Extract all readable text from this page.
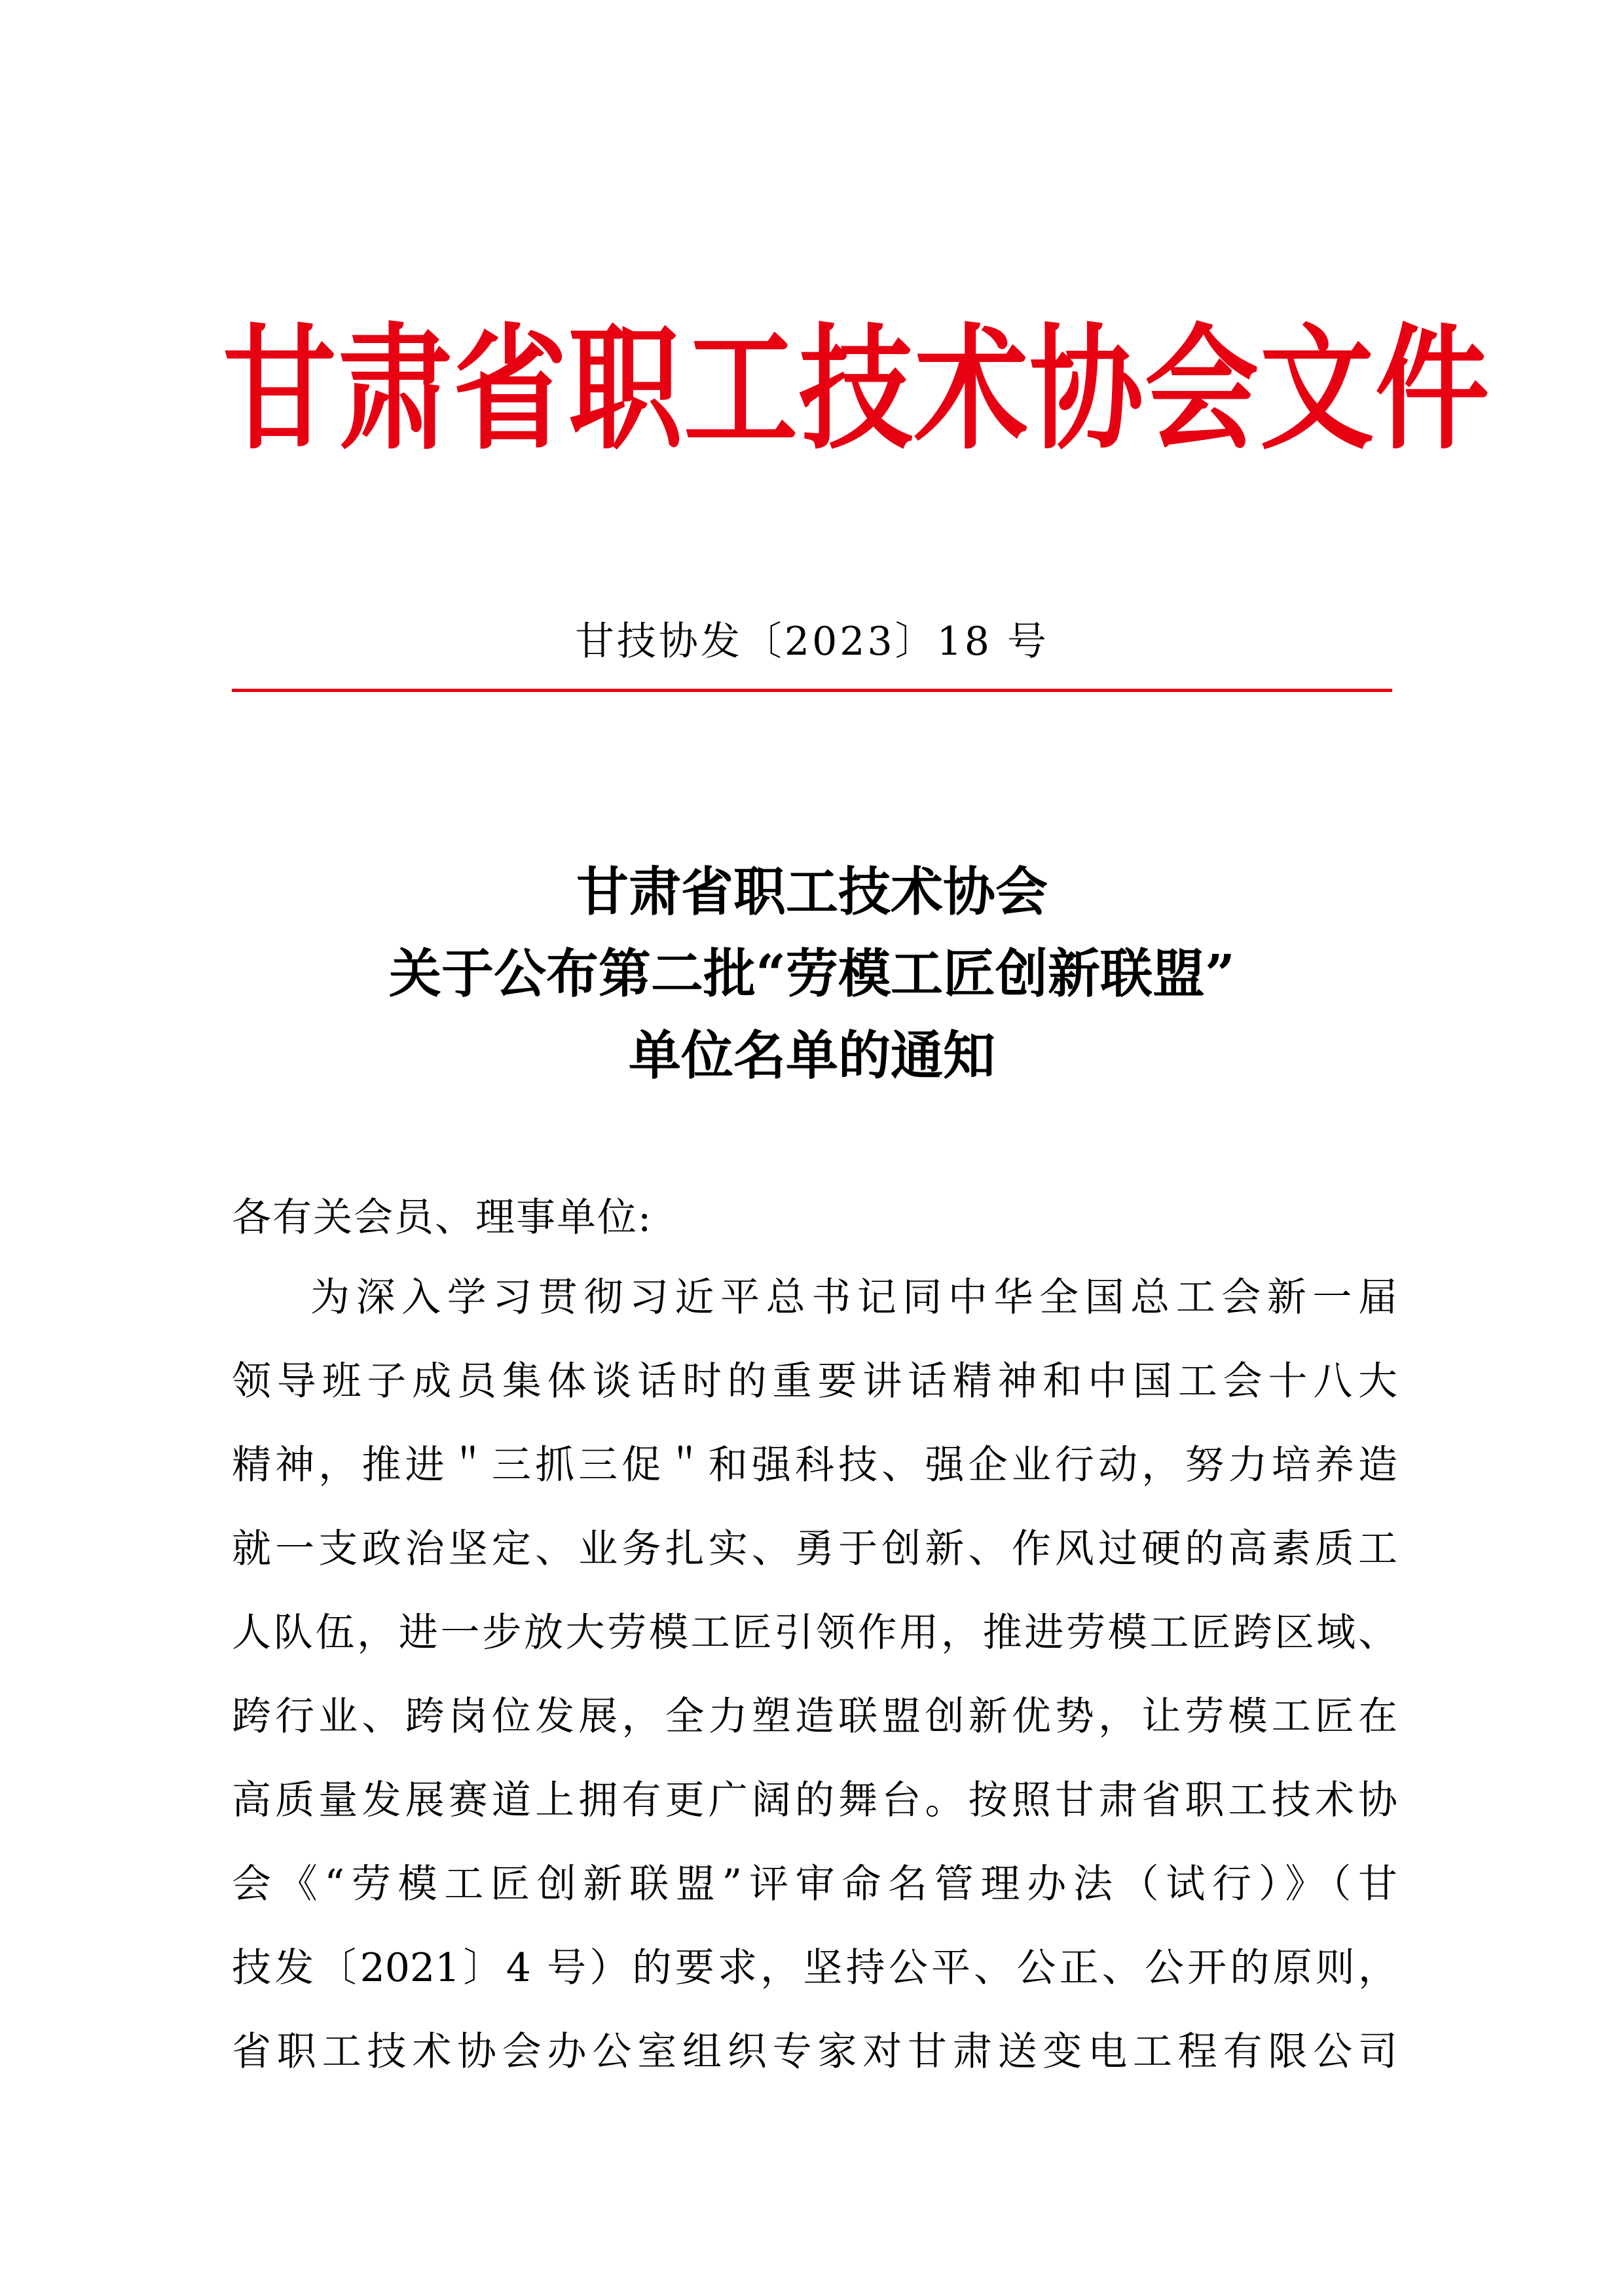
甘肃省职工技术协会文件
甘技协发〔2023〕18 号
甘肃省职工技术协会
关于公布第二批“劳模工匠创新联盟”
单位名单的通知
各有关会员、理事单位:
为深入学习贯彻习近平总书记同中华全国总工会新一届
领导班子成员集体谈话时的重要讲话精神和中国工会十八大
精神，推进＂三抓三促＂和强科技、强企业行动，努力培养造
就一支政治坚定、业务扎实、勇于创新、作风过硬的高素质工
人队伍，进一步放大劳模工匠引领作用，推进劳模工匠跨区域、
跨行业、跨岗位发展，全力塑造联盟创新优势，让劳模工匠在
高质量发展赛道上拥有更广阔的舞台。按照甘肃省职工技术协
会《“劳模工匠创新联盟”评审命名管理办法（试行）》（甘
技发〔2021〕4 号）的要求，坚持公平、公正、公开的原则，
省职工技术协会办公室组织专家对甘肃送变电工程有限公司
